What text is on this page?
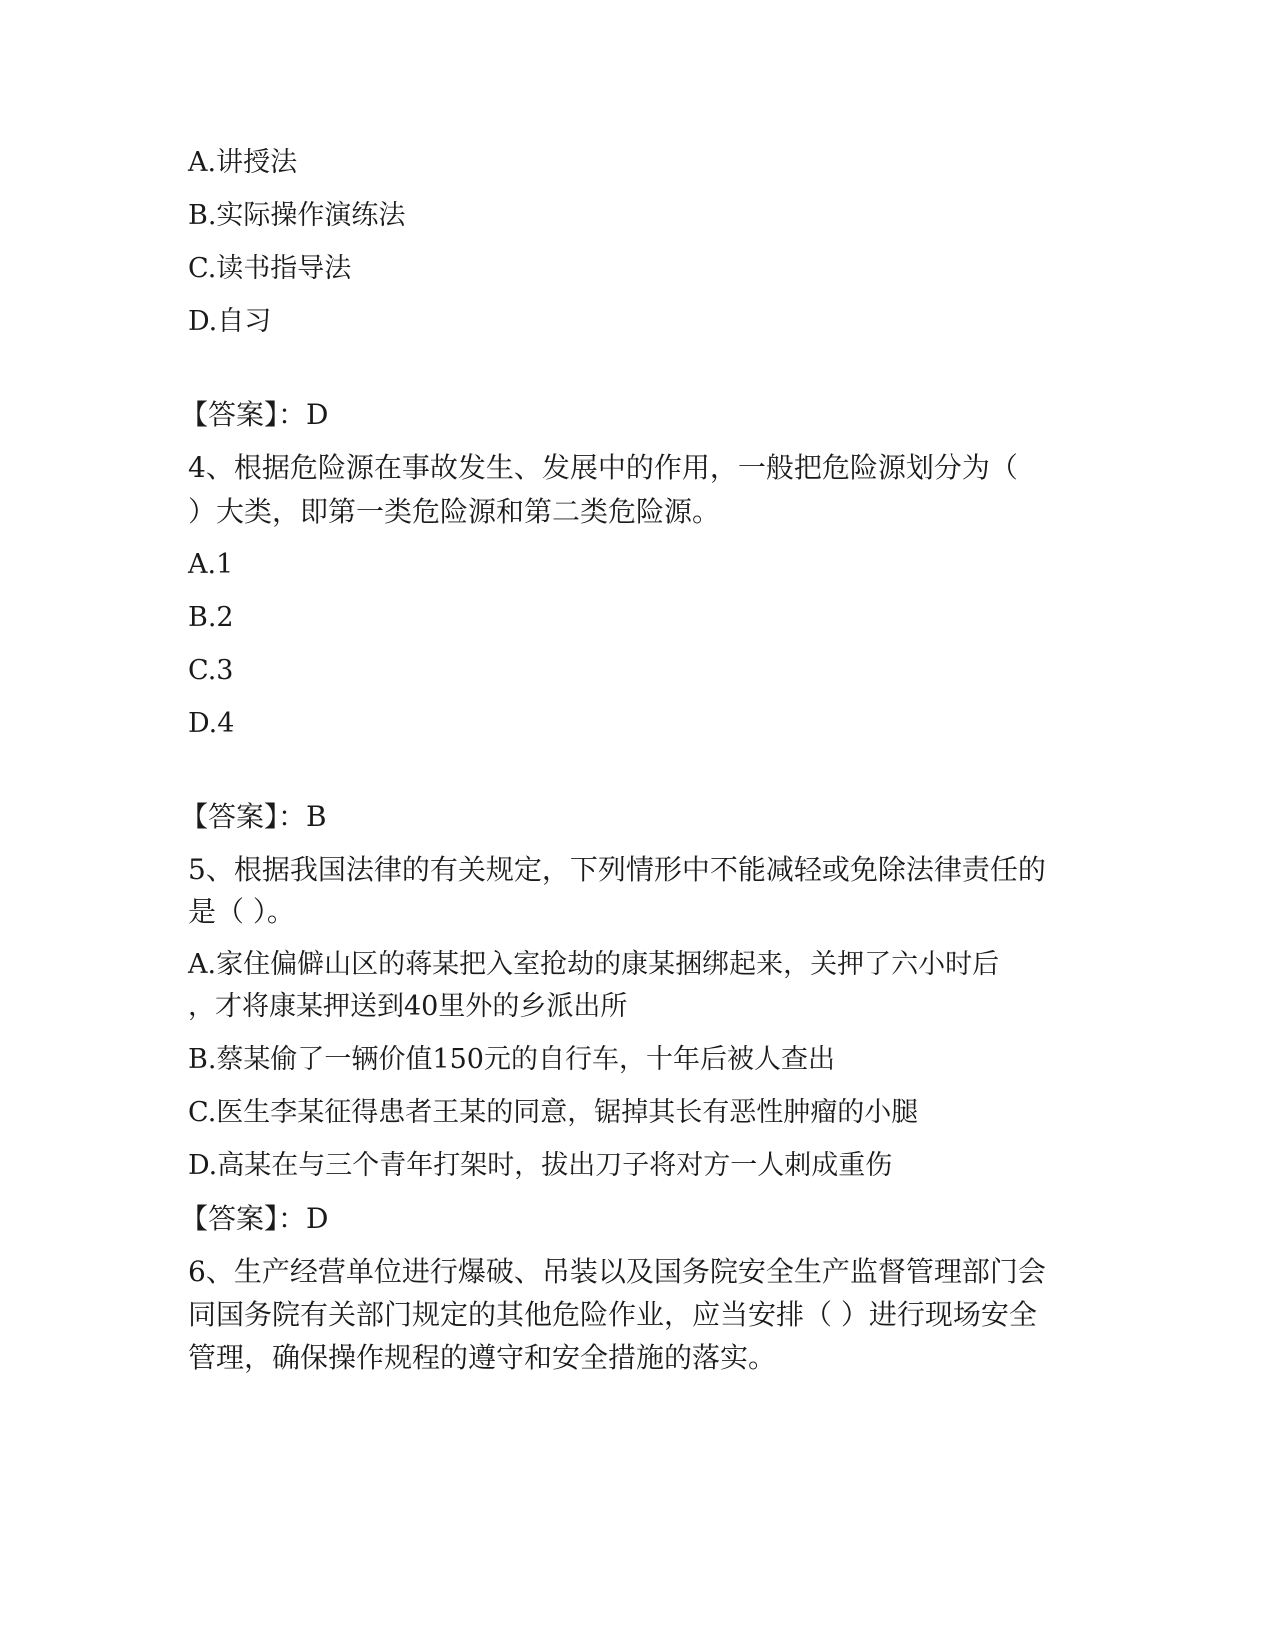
A.讲授法
B.实际操作演练法
C.读书指导法
D.自习
【答案】：D
4、根据危险源在事故发生、发展中的作用，一般把危险源划分为（
）大类，即第一类危险源和第二类危险源。
A.1
B.2
C.3
D.4
【答案】：B
5、根据我国法律的有关规定，下列情形中不能减轻或免除法律责任的
是（ ）。
A.家住偏僻山区的蒋某把入室抢劫的康某捆绑起来，关押了六小时后
，才将康某押送到40里外的乡派出所
B.蔡某偷了一辆价值150元的自行车，十年后被人查出
C.医生李某征得患者王某的同意，锯掉其长有恶性肿瘤的小腿
D.高某在与三个青年打架时，拔出刀子将对方一人刺成重伤
【答案】：D
6、生产经营单位进行爆破、吊装以及国务院安全生产监督管理部门会
同国务院有关部门规定的其他危险作业，应当安排（ ）进行现场安全
管理，确保操作规程的遵守和安全措施的落实。
